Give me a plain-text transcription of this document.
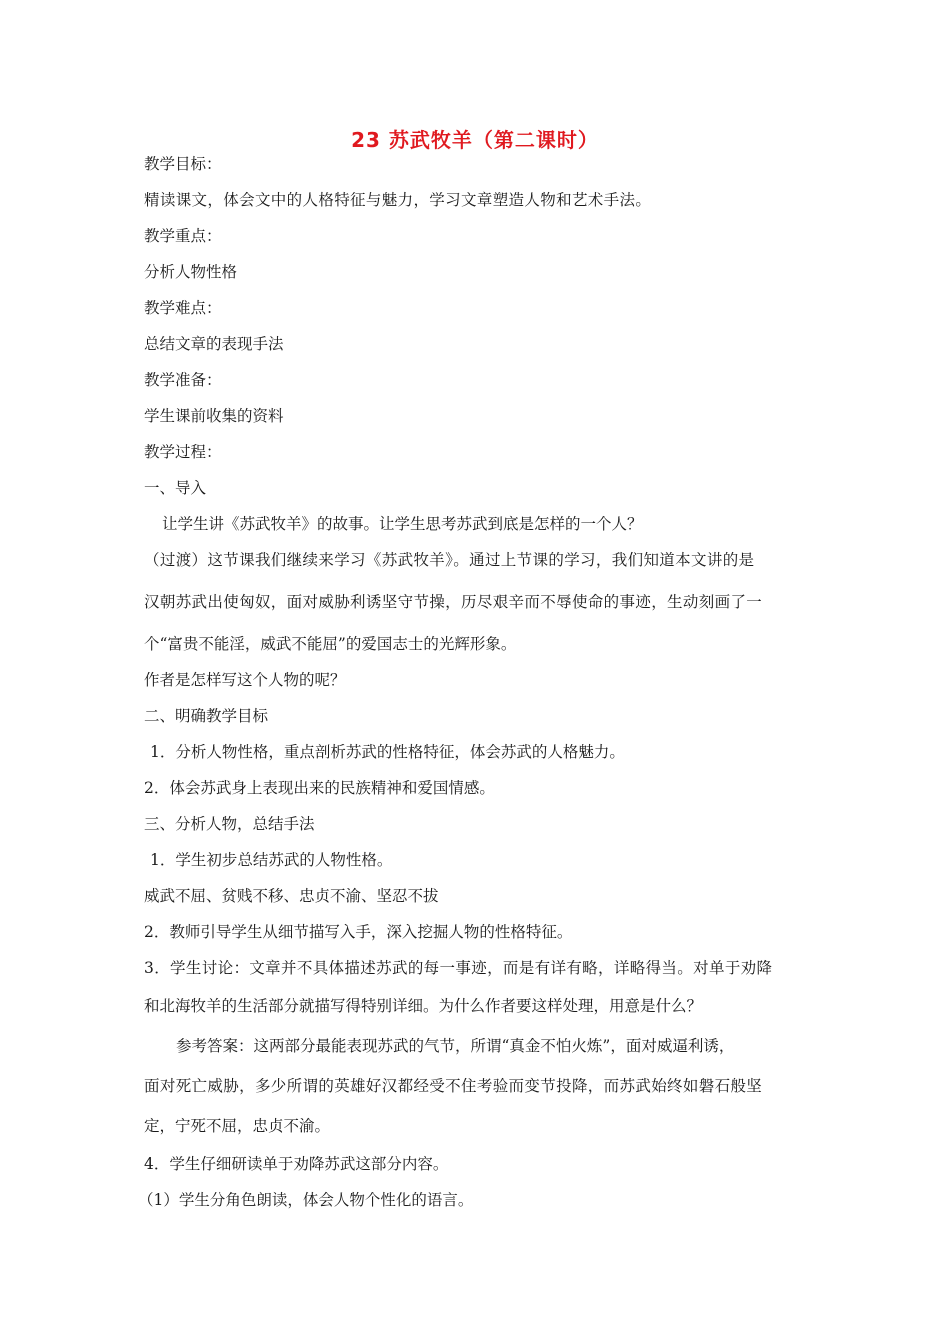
23 苏武牧羊（第二课时）
教学目标：
精读课文，体会文中的人格特征与魅力，学习文章塑造人物和艺术手法。
教学重点：
分析人物性格
教学难点：
总结文章的表现手法
教学准备：
学生课前收集的资料
教学过程：
一、导入
让学生讲《苏武牧羊》的故事。让学生思考苏武到底是怎样的一个人？
（过渡）这节课我们继续来学习《苏武牧羊》。通过上节课的学习，我们知道本文讲的是
汉朝苏武出使匈奴，面对威胁利诱坚守节操，历尽艰辛而不辱使命的事迹，生动刻画了一
个“富贵不能淫，威武不能屈”的爱国志士的光辉形象。
作者是怎样写这个人物的呢？
二、明确教学目标
1．分析人物性格，重点剖析苏武的性格特征，体会苏武的人格魅力。
2．体会苏武身上表现出来的民族精神和爱国情感。
三、分析人物，总结手法
1．学生初步总结苏武的人物性格。
威武不屈、贫贱不移、忠贞不渝、坚忍不拔
2．教师引导学生从细节描写入手，深入挖掘人物的性格特征。
3．学生讨论：文章并不具体描述苏武的每一事迹，而是有详有略，详略得当。对单于劝降
和北海牧羊的生活部分就描写得特别详细。为什么作者要这样处理，用意是什么？
参考答案：这两部分最能表现苏武的气节，所谓“真金不怕火炼”，面对威逼利诱，
面对死亡威胁，多少所谓的英雄好汉都经受不住考验而变节投降，而苏武始终如磐石般坚
定，宁死不屈，忠贞不渝。
4．学生仔细研读单于劝降苏武这部分内容。
（1）学生分角色朗读，体会人物个性化的语言。
